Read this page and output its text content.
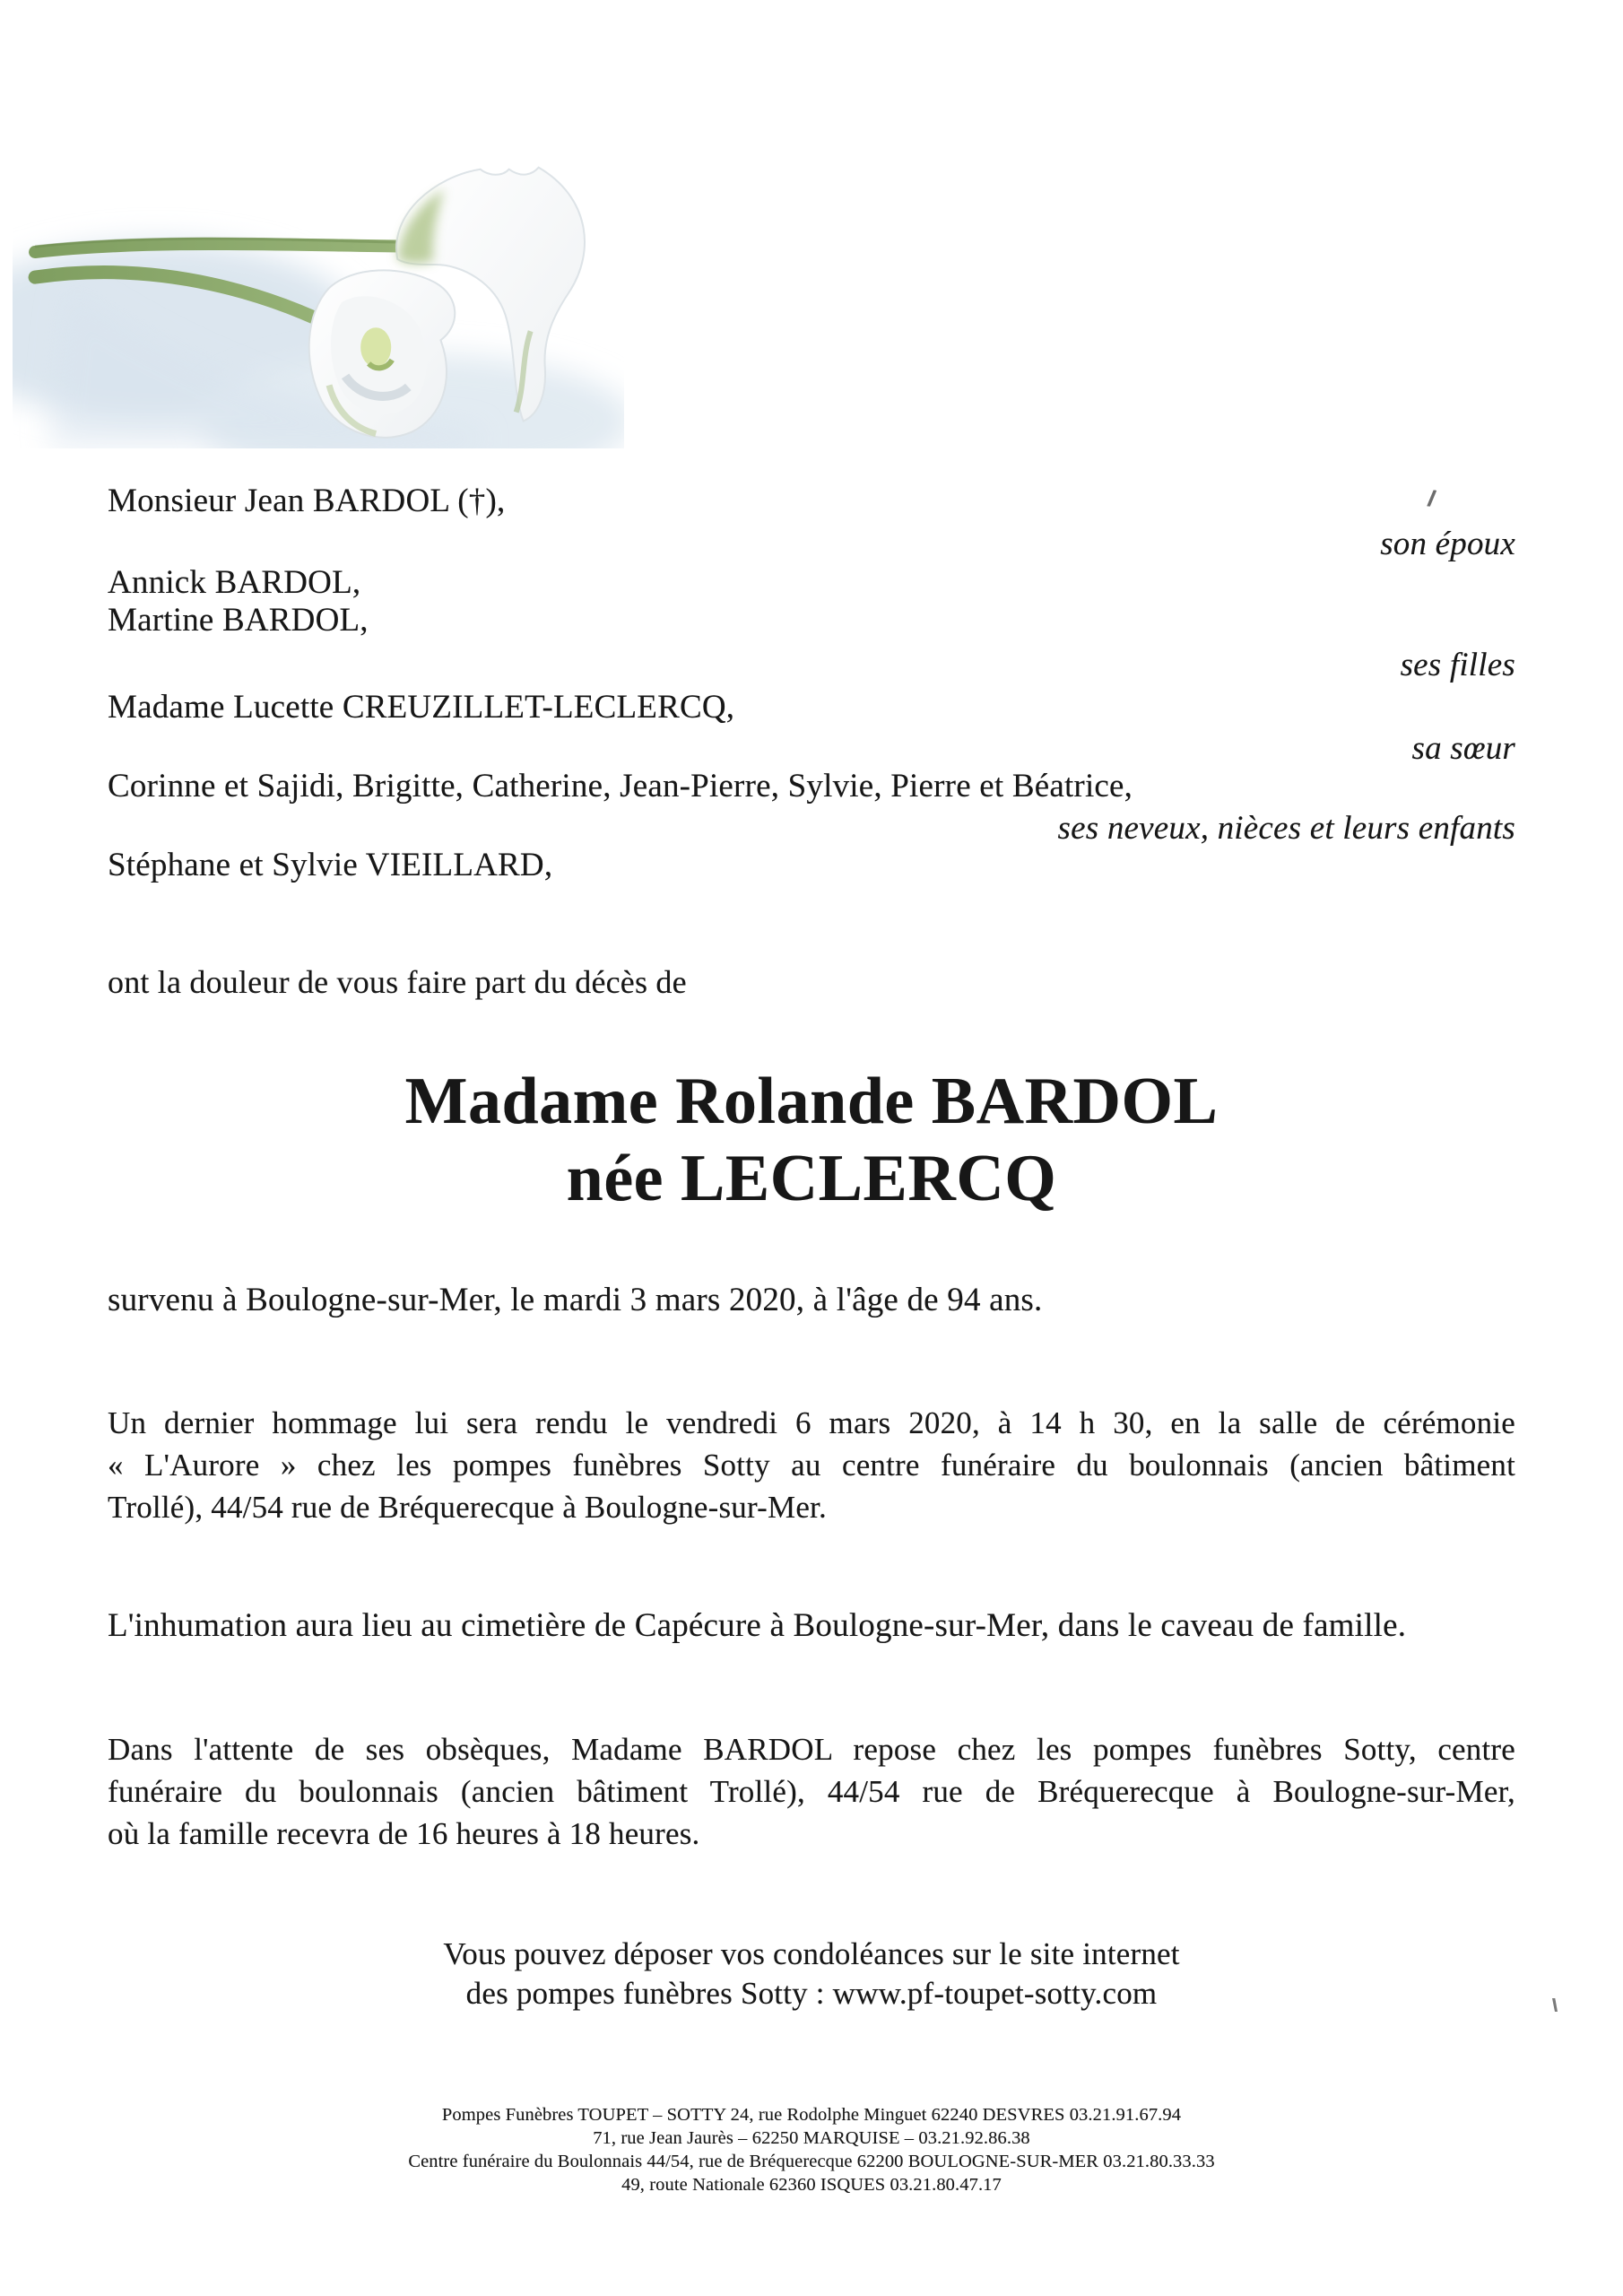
Monsieur Jean BARDOL (†),
son époux
Annick BARDOL,
Martine BARDOL,
ses filles
Madame Lucette CREUZILLET-LECLERCQ,
sa sœur
Corinne et Sajidi, Brigitte, Catherine, Jean-Pierre, Sylvie, Pierre et Béatrice,
ses neveux, nièces et leurs enfants
Stéphane et Sylvie VIEILLARD,
ont la douleur de vous faire part du décès de
Madame Rolande BARDOL
née LECLERCQ
survenu à Boulogne-sur-Mer, le mardi 3 mars 2020, à l'âge de 94 ans.
Un dernier hommage lui sera rendu le vendredi 6 mars 2020, à 14 h 30, en la salle de cérémonie
« L'Aurore » chez les pompes funèbres Sotty au centre funéraire du boulonnais (ancien bâtiment
Trollé), 44/54 rue de Bréquerecque à Boulogne-sur-Mer.
L'inhumation aura lieu au cimetière de Capécure à Boulogne-sur-Mer, dans le caveau de famille.
Dans l'attente de ses obsèques, Madame BARDOL repose chez les pompes funèbres Sotty, centre
funéraire du boulonnais (ancien bâtiment Trollé), 44/54 rue de Bréquerecque à Boulogne-sur-Mer,
où la famille recevra de 16 heures à 18 heures.
Vous pouvez déposer vos condoléances sur le site internet
des pompes funèbres Sotty : www.pf-toupet-sotty.com
Pompes Funèbres TOUPET – SOTTY 24, rue Rodolphe Minguet 62240 DESVRES 03.21.91.67.94
71, rue Jean Jaurès – 62250 MARQUISE – 03.21.92.86.38
Centre funéraire du Boulonnais 44/54, rue de Bréquerecque 62200 BOULOGNE-SUR-MER 03.21.80.33.33
49, route Nationale 62360 ISQUES 03.21.80.47.17
